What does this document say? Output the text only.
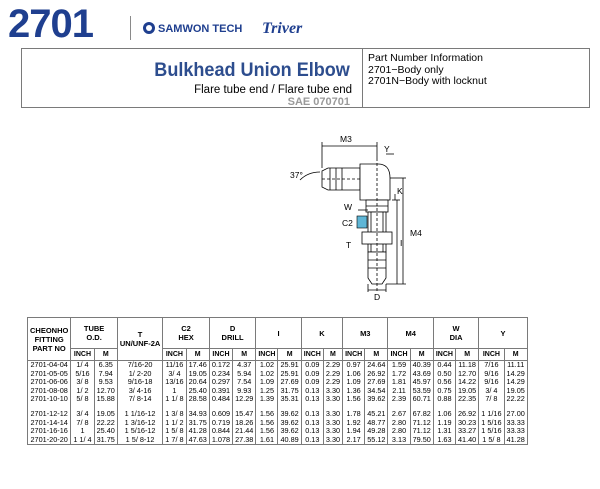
2701	SAMWON TECH Triver
Bulkhead Union Elbow
Flare tube end / Flare tube end
SAE 070701
Part Number Information
2701−Body only
2701N−Body with locknut
M3
Y
37°
K
W
C2
T	I
M4
D
CHEONHO
FITTING
PART NO	TUBE
O.D.		T
UN/UNF-2A	C2
HEX		D
DRILL		I		K		M3		M4		W
DIA		Y	
	INCH	M		INCH	M	INCH	M	INCH	M	INCH	M	INCH	M	INCH	M	INCH	M	INCH	M
2701-04-04	1/ 4	6.35	7/16-20	11/16	17.46	0.172	4.37	1.02	25.91	0.09	2.29	0.97	24.64	1.59	40.39	0.44	11.18	7/16	11.11
2701-05-05	5/16	7.94	1/ 2-20	3/ 4	19.05	0.234	5.94	1.02	25.91	0.09	2.29	1.06	26.92	1.72	43.69	0.50	12.70	9/16	14.29
2701-06-06	3/ 8	9.53	9/16-18	13/16	20.64	0.297	7.54	1.09	27.69	0.09	2.29	1.09	27.69	1.81	45.97	0.56	14.22	9/16	14.29
2701-08-08	1/ 2	12.70	3/ 4-16	1	25.40	0.391	9.93	1.25	31.75	0.13	3.30	1.36	34.54	2.11	53.59	0.75	19.05	3/ 4	19.05
2701-10-10	5/ 8	15.88	7/ 8-14	1 1/ 8	28.58	0.484	12.29	1.39	35.31	0.13	3.30	1.56	39.62	2.39	60.71	0.88	22.35	7/ 8	22.22

2701-12-12	3/ 4	19.05	1 1/16-12	1 3/ 8	34.93	0.609	15.47	1.56	39.62	0.13	3.30	1.78	45.21	2.67	67.82	1.06	26.92	1 1/16	27.00
2701-14-14	7/ 8	22.22	1 3/16-12	1 1/ 2	31.75	0.719	18.26	1.56	39.62	0.13	3.30	1.92	48.77	2.80	71.12	1.19	30.23	1 5/16	33.33
2701-16-16	1	25.40	1 5/16-12	1 5/ 8	41.28	0.844	21.44	1.56	39.62	0.13	3.30	1.94	49.28	2.80	71.12	1.31	33.27	1 5/16	33.33
2701-20-20	1 1/ 4	31.75	1 5/ 8-12	1 7/ 8	47.63	1.078	27.38	1.61	40.89	0.13	3.30	2.17	55.12	3.13	79.50	1.63	41.40	1 5/ 8	41.28
